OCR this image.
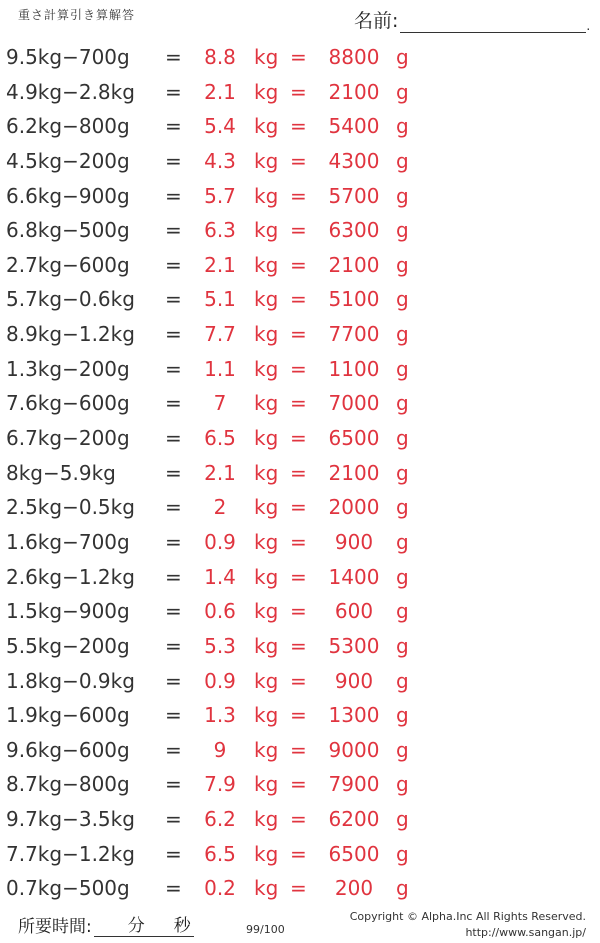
重さ計算引き算解答	名前:	.
9.5kg−700g = 8.8 kg =	8800 g
4.9kg−2.8kg = 2.1 kg =	2100 g
6.2kg−800g = 5.4 kg =	5400 g
4.5kg−200g = 4.3 kg =	4300 g
6.6kg−900g = 5.7 kg =	5700 g
6.8kg−500g = 6.3 kg =	6300 g
2.7kg−600g = 2.1 kg =	2100 g
5.7kg−0.6kg = 5.1 kg =	5100 g
8.9kg−1.2kg = 7.7 kg =	7700 g
1.3kg−200g = 1.1 kg =	1100 g
7.6kg−600g =	7	kg =	7000 g
6.7kg−200g = 6.5 kg =	6500 g
8kg−5.9kg = 2.1 kg =	2100 g
2.5kg−0.5kg =	2	kg =	2000 g
1.6kg−700g = 0.9 kg =	900	g
2.6kg−1.2kg = 1.4 kg =	1400 g
1.5kg−900g = 0.6 kg =	600	g
5.5kg−200g = 5.3 kg =	5300 g
1.8kg−0.9kg = 0.9 kg =	900	g
1.9kg−600g = 1.3 kg =	1300 g
9.6kg−600g =	9	kg =	9000 g
8.7kg−800g = 7.9 kg =	7900 g
9.7kg−3.5kg = 6.2 kg =	6200 g
7.7kg−1.2kg = 6.5 kg =	6500 g
0.7kg−500g = 0.2 kg =	200	g
所要時間: 分 秒	99/100
Copyright © Alpha.Inc All Rights Reserved.
http://www.sangan.jp/
